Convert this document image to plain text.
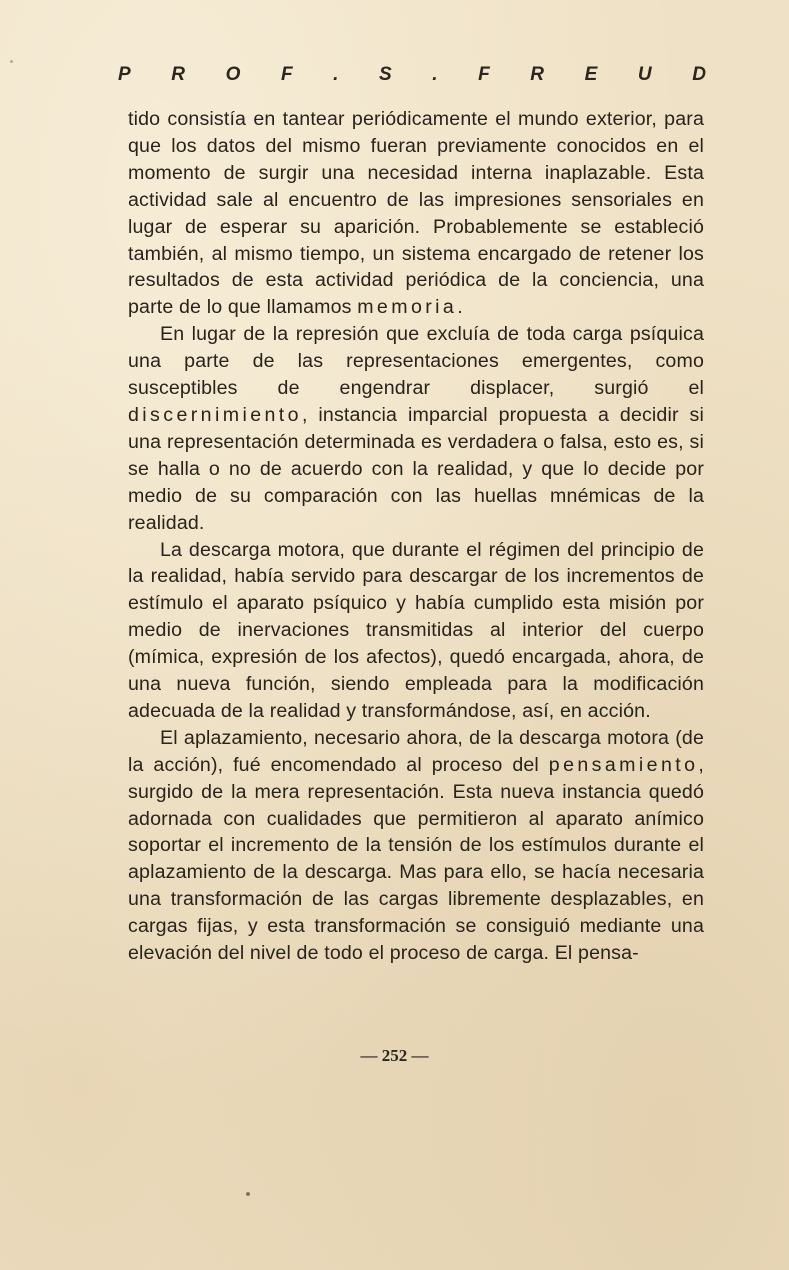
P R O F . S . F R E U D

tido consistía en tantear periódicamente el mundo exterior, para que los datos del mismo fueran previamente conocidos en el momento de surgir una necesidad interna inaplazable. Esta actividad sale al encuentro de las impresiones sensoriales en lugar de esperar su aparición. Probablemente se estableció también, al mismo tiempo, un sistema encargado de retener los resultados de esta actividad periódica de la conciencia, una parte de lo que llamamos memoria.

En lugar de la represión que excluía de toda carga psíquica una parte de las representaciones emergentes, como susceptibles de engendrar displacer, surgió el discernimiento, instancia imparcial propuesta a decidir si una representación determinada es verdadera o falsa, esto es, si se halla o no de acuerdo con la realidad, y que lo decide por medio de su comparación con las huellas mnémicas de la realidad.

La descarga motora, que durante el régimen del principio de la realidad, había servido para descargar de los incrementos de estímulo el aparato psíquico y había cumplido esta misión por medio de inervaciones transmitidas al interior del cuerpo (mímica, expresión de los afectos), quedó encargada, ahora, de una nueva función, siendo empleada para la modificación adecuada de la realidad y transformándose, así, en acción.

El aplazamiento, necesario ahora, de la descarga motora (de la acción), fué encomendado al proceso del pensamiento, surgido de la mera representación. Esta nueva instancia quedó adornada con cualidades que permitieron al aparato anímico soportar el incremento de la tensión de los estímulos durante el aplazamiento de la descarga. Mas para ello, se hacía necesaria una transformación de las cargas libremente desplazables, en cargas fijas, y esta transformación se consiguió mediante una elevación del nivel de todo el proceso de carga. El pensa-

— 252 —
